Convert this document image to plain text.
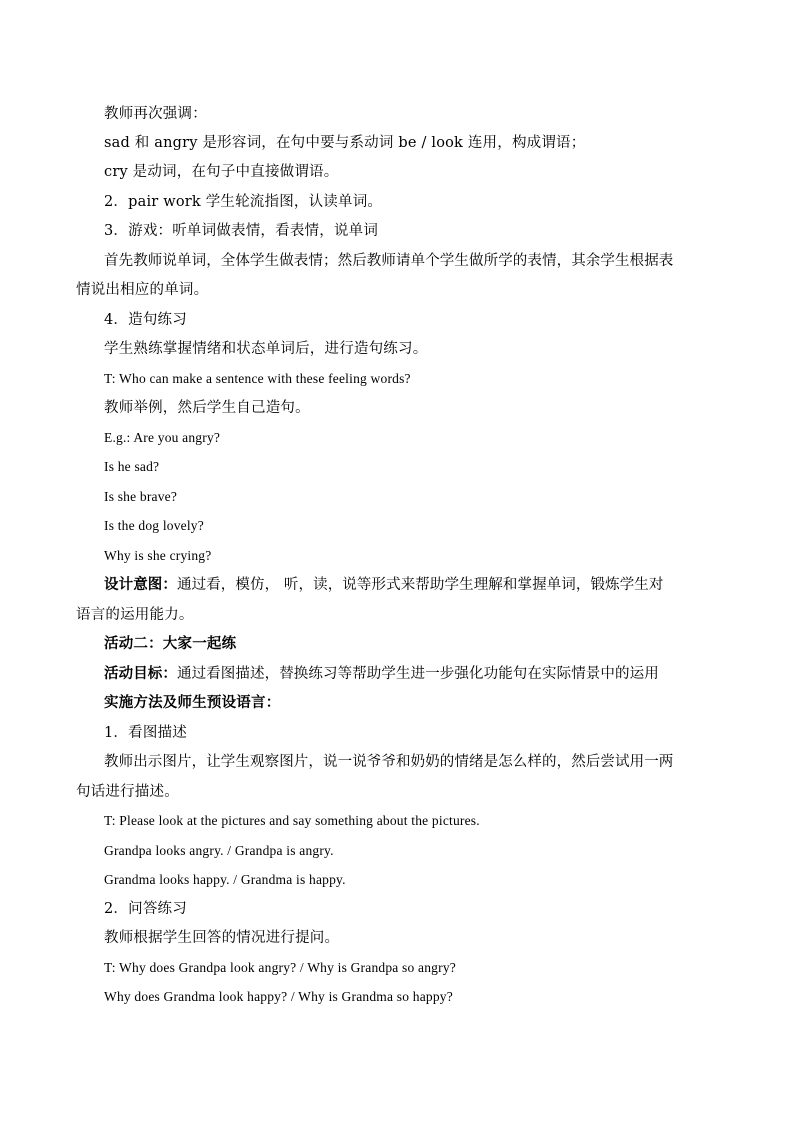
教师再次强调：
sad 和 angry 是形容词，在句中要与系动词 be / look 连用，构成谓语；
cry 是动词，在句子中直接做谓语。
2．pair work 学生轮流指图，认读单词。
3．游戏：听单词做表情，看表情，说单词
首先教师说单词，全体学生做表情；然后教师请单个学生做所学的表情，其余学生根据表
情说出相应的单词。
4．造句练习
学生熟练掌握情绪和状态单词后，进行造句练习。
T: Who can make a sentence with these feeling words?
教师举例，然后学生自己造句。
E.g.: Are you angry?
Is he sad?
Is she brave?
Is the dog lovely?
Why is she crying?
设计意图：通过看，模仿， 听，读，说等形式来帮助学生理解和掌握单词，锻炼学生对
语言的运用能力。
活动二：大家一起练
活动目标：通过看图描述，替换练习等帮助学生进一步强化功能句在实际情景中的运用
实施方法及师生预设语言：
1．看图描述
教师出示图片，让学生观察图片，说一说爷爷和奶奶的情绪是怎么样的，然后尝试用一两
句话进行描述。
T: Please look at the pictures and say something about the pictures.
Grandpa looks angry. / Grandpa is angry.
Grandma looks happy. / Grandma is happy.
2．问答练习
教师根据学生回答的情况进行提问。
T: Why does Grandpa look angry? / Why is Grandpa so angry?
Why does Grandma look happy? / Why is Grandma so happy?
